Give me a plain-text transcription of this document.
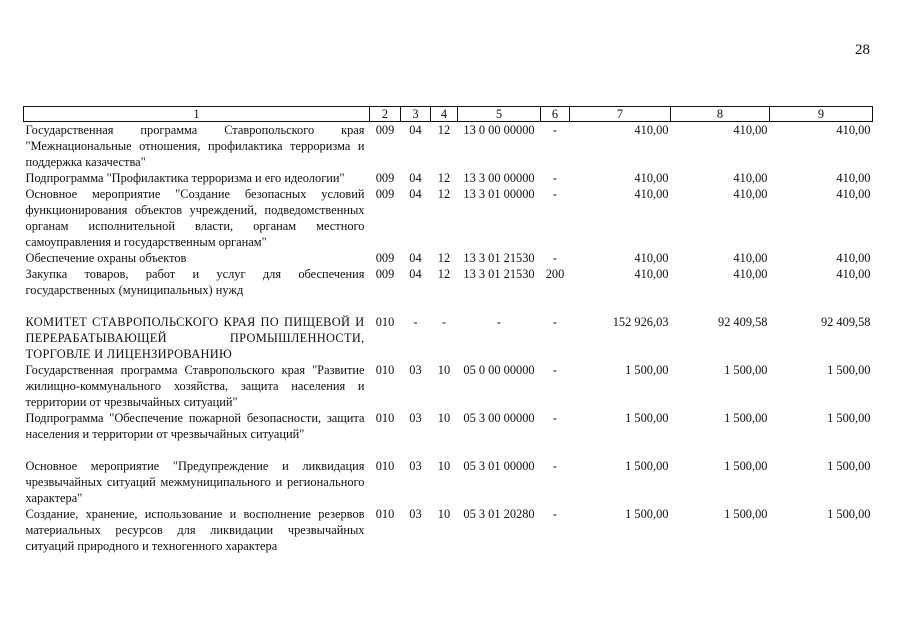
28
1	2	3	4	5	6	7	8	9
Государственная программа Ставропольского края "Межнациональные отношения, профилактика терроризма и поддержка казачества"	009	04	12	13 0 00 00000	-	410,00	410,00	410,00
Подпрограмма "Профилактика терроризма и его идеологии"	009	04	12	13 3 00 00000	-	410,00	410,00	410,00
Основное мероприятие "Создание безопасных условий функционирования объектов учреждений, подведомственных органам исполнительной власти, органам местного самоуправления и государственным органам"	009	04	12	13 3 01 00000	-	410,00	410,00	410,00
Обеспечение охраны объектов	009	04	12	13 3 01 21530	-	410,00	410,00	410,00
Закупка товаров, работ и услуг для обеспечения государственных (муниципальных) нужд	009	04	12	13 3 01 21530	200	410,00	410,00	410,00

КОМИТЕТ СТАВРОПОЛЬСКОГО КРАЯ ПО ПИЩЕВОЙ И ПЕРЕРАБАТЫВАЮЩЕЙ ПРОМЫШЛЕННОСТИ, ТОРГОВЛЕ И ЛИЦЕНЗИРОВАНИЮ	010	-	-	-	-	152 926,03	92 409,58	92 409,58
Государственная программа Ставропольского края "Развитие жилищно-коммунального хозяйства, защита населения и территории от чрезвычайных ситуаций"	010	03	10	05 0 00 00000	-	1 500,00	1 500,00	1 500,00
Подпрограмма "Обеспечение пожарной безопасности, защита населения и территории от чрезвычайных ситуаций"	010	03	10	05 3 00 00000	-	1 500,00	1 500,00	1 500,00

Основное мероприятие "Предупреждение и ликвидация чрезвычайных ситуаций межмуниципального и регионального характера"	010	03	10	05 3 01 00000	-	1 500,00	1 500,00	1 500,00
Создание, хранение, использование и восполнение резервов материальных ресурсов для ликвидации чрезвычайных ситуаций природного и техногенного характера	010	03	10	05 3 01 20280	-	1 500,00	1 500,00	1 500,00
